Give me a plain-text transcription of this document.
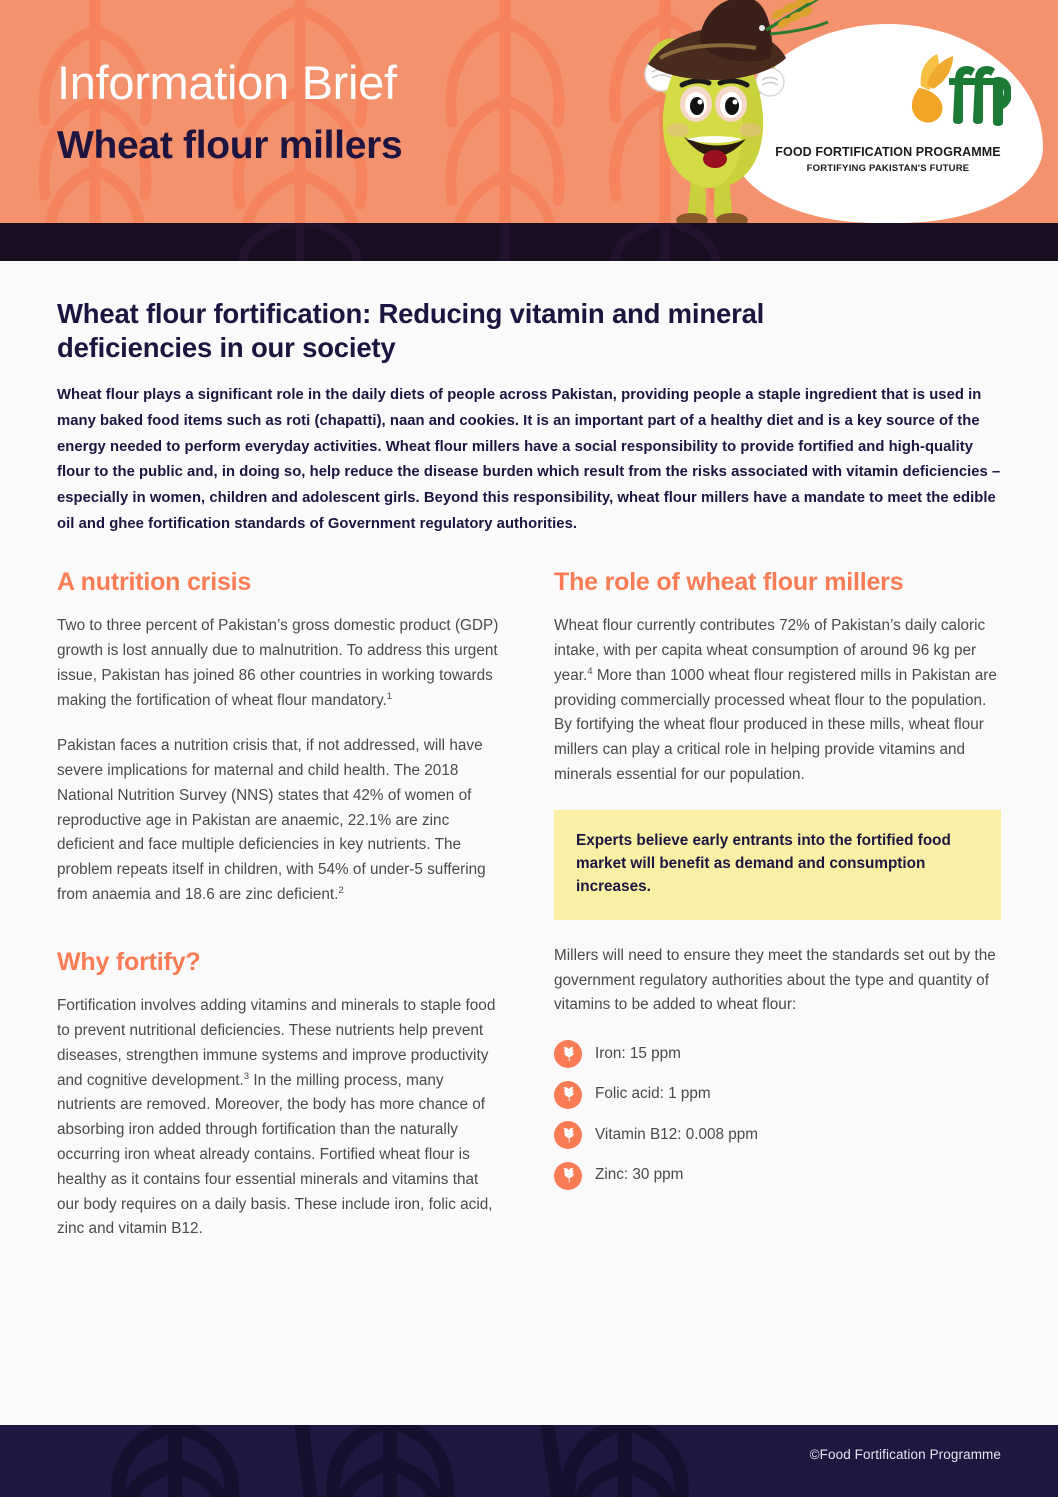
Information Brief
Wheat flour millers	FOOD FORTIFICATION PROGRAMME
FORTIFYING PAKISTAN'S FUTURE
Wheat flour fortification: Reducing vitamin and mineral deficiencies in our society

Wheat flour plays a significant role in the daily diets of people across Pakistan, providing people a staple ingredient that is used in many baked food items such as roti (chapatti), naan and cookies. It is an important part of a healthy diet and is a key source of the energy needed to perform everyday activities. Wheat flour millers have a social responsibility to provide fortified and high-quality flour to the public and, in doing so, help reduce the disease burden which result from the risks associated with vitamin deficiencies – especially in women, children and adolescent girls. Beyond this responsibility, wheat flour millers have a mandate to meet the edible oil and ghee fortification standards of Government regulatory authorities.

A nutrition crisis

Two to three percent of Pakistan’s gross domestic product (GDP) growth is lost annually due to malnutrition. To address this urgent issue, Pakistan has joined 86 other countries in working towards making the fortification of wheat flour mandatory.$^1$

Pakistan faces a nutrition crisis that, if not addressed, will have severe implications for maternal and child health. The 2018 National Nutrition Survey (NNS) states that 42% of women of reproductive age in Pakistan are anaemic, 22.1% are zinc deficient and face multiple deficiencies in key nutrients. The problem repeats itself in children, with 54% of under-5 suffering from anaemia and 18.6 are zinc deficient.$^2$

Why fortify?

Fortification involves adding vitamins and minerals to staple food to prevent nutritional deficiencies. These nutrients help prevent diseases, strengthen immune systems and improve productivity and cognitive development.$^3$ In the milling process, many nutrients are removed. Moreover, the body has more chance of absorbing iron added through fortification than the naturally occurring iron wheat already contains. Fortified wheat flour is healthy as it contains four essential minerals and vitamins that our body requires on a daily basis. These include iron, folic acid, zinc and vitamin B12.

The role of wheat flour millers

Wheat flour currently contributes 72% of Pakistan’s daily caloric intake, with per capita wheat consumption of around 96 kg per year.$^4$ More than 1000 wheat flour registered mills in Pakistan are providing commercially processed wheat flour to the population. By fortifying the wheat flour produced in these mills, wheat flour millers can play a critical role in helping provide vitamins and minerals essential for our population.

Experts believe early entrants into the fortified food market will benefit as demand and consumption increases.

Millers will need to ensure they meet the standards set out by the government regulatory authorities about the type and quantity of vitamins to be added to wheat flour:

Iron: 15 ppm
Folic acid: 1 ppm
Vitamin B12: 0.008 ppm
Zinc: 30 ppm
©Food Fortification Programme
